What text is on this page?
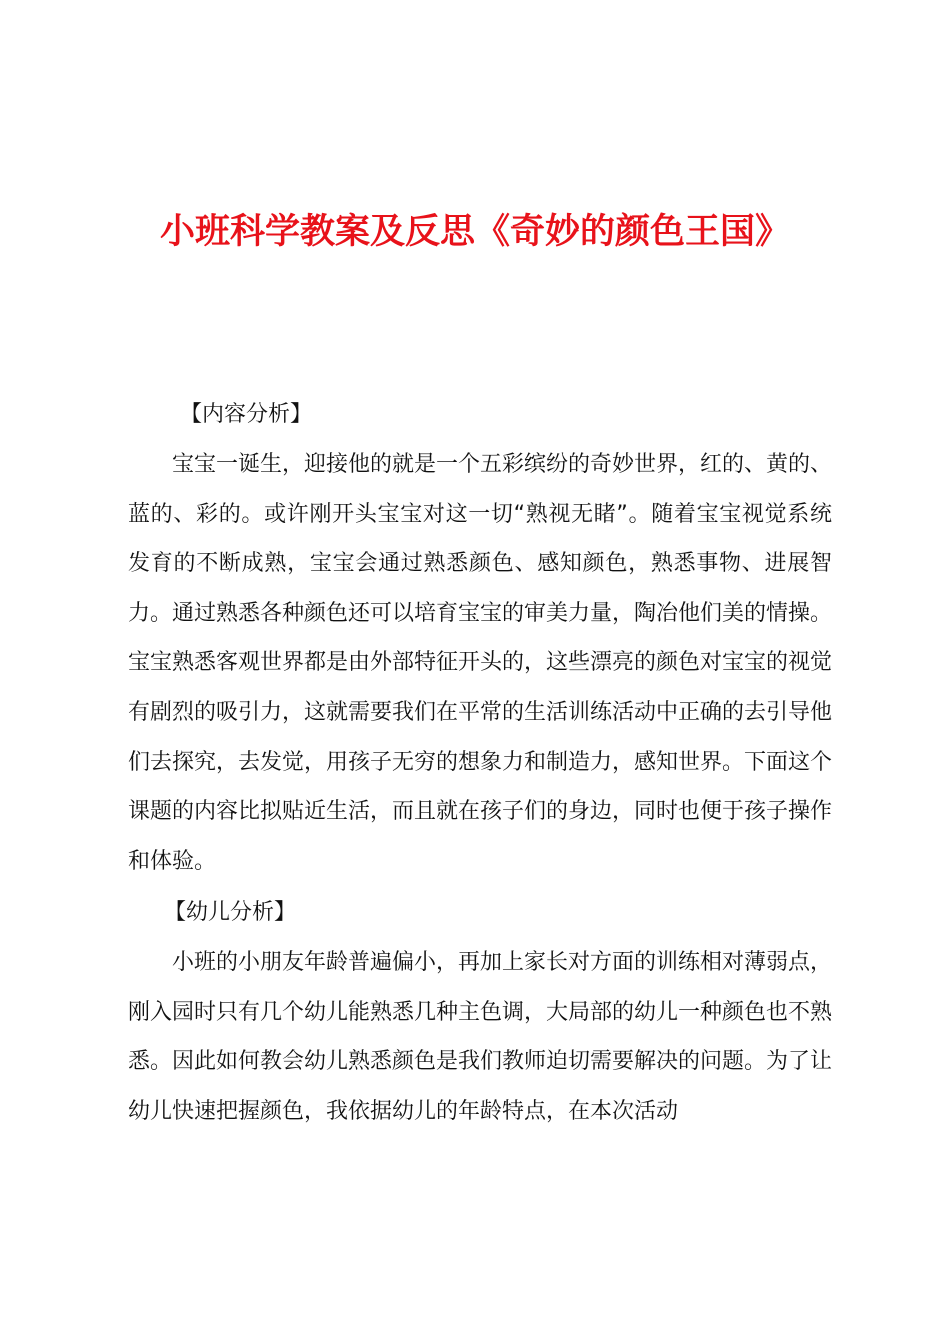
小班科学教案及反思《奇妙的颜色王国》
【内容分析】

宝宝一诞生，迎接他的就是一个五彩缤纷的奇妙世界，红的、黄的、蓝的、彩的。或许刚开头宝宝对这一切“熟视无睹”。随着宝宝视觉系统发育的不断成熟，宝宝会通过熟悉颜色、感知颜色，熟悉事物、进展智力。通过熟悉各种颜色还可以培育宝宝的审美力量，陶冶他们美的情操。宝宝熟悉客观世界都是由外部特征开头的，这些漂亮的颜色对宝宝的视觉有剧烈的吸引力，这就需要我们在平常的生活训练活动中正确的去引导他们去探究，去发觉，用孩子无穷的想象力和制造力，感知世界。下面这个课题的内容比拟贴近生活，而且就在孩子们的身边，同时也便于孩子操作和体验。

【幼儿分析】

小班的小朋友年龄普遍偏小，再加上家长对方面的训练相对薄弱点，刚入园时只有几个幼儿能熟悉几种主色调，大局部的幼儿一种颜色也不熟悉。因此如何教会幼儿熟悉颜色是我们教师迫切需要解决的问题。为了让幼儿快速把握颜色，我依据幼儿的年龄特点，在本次活动
